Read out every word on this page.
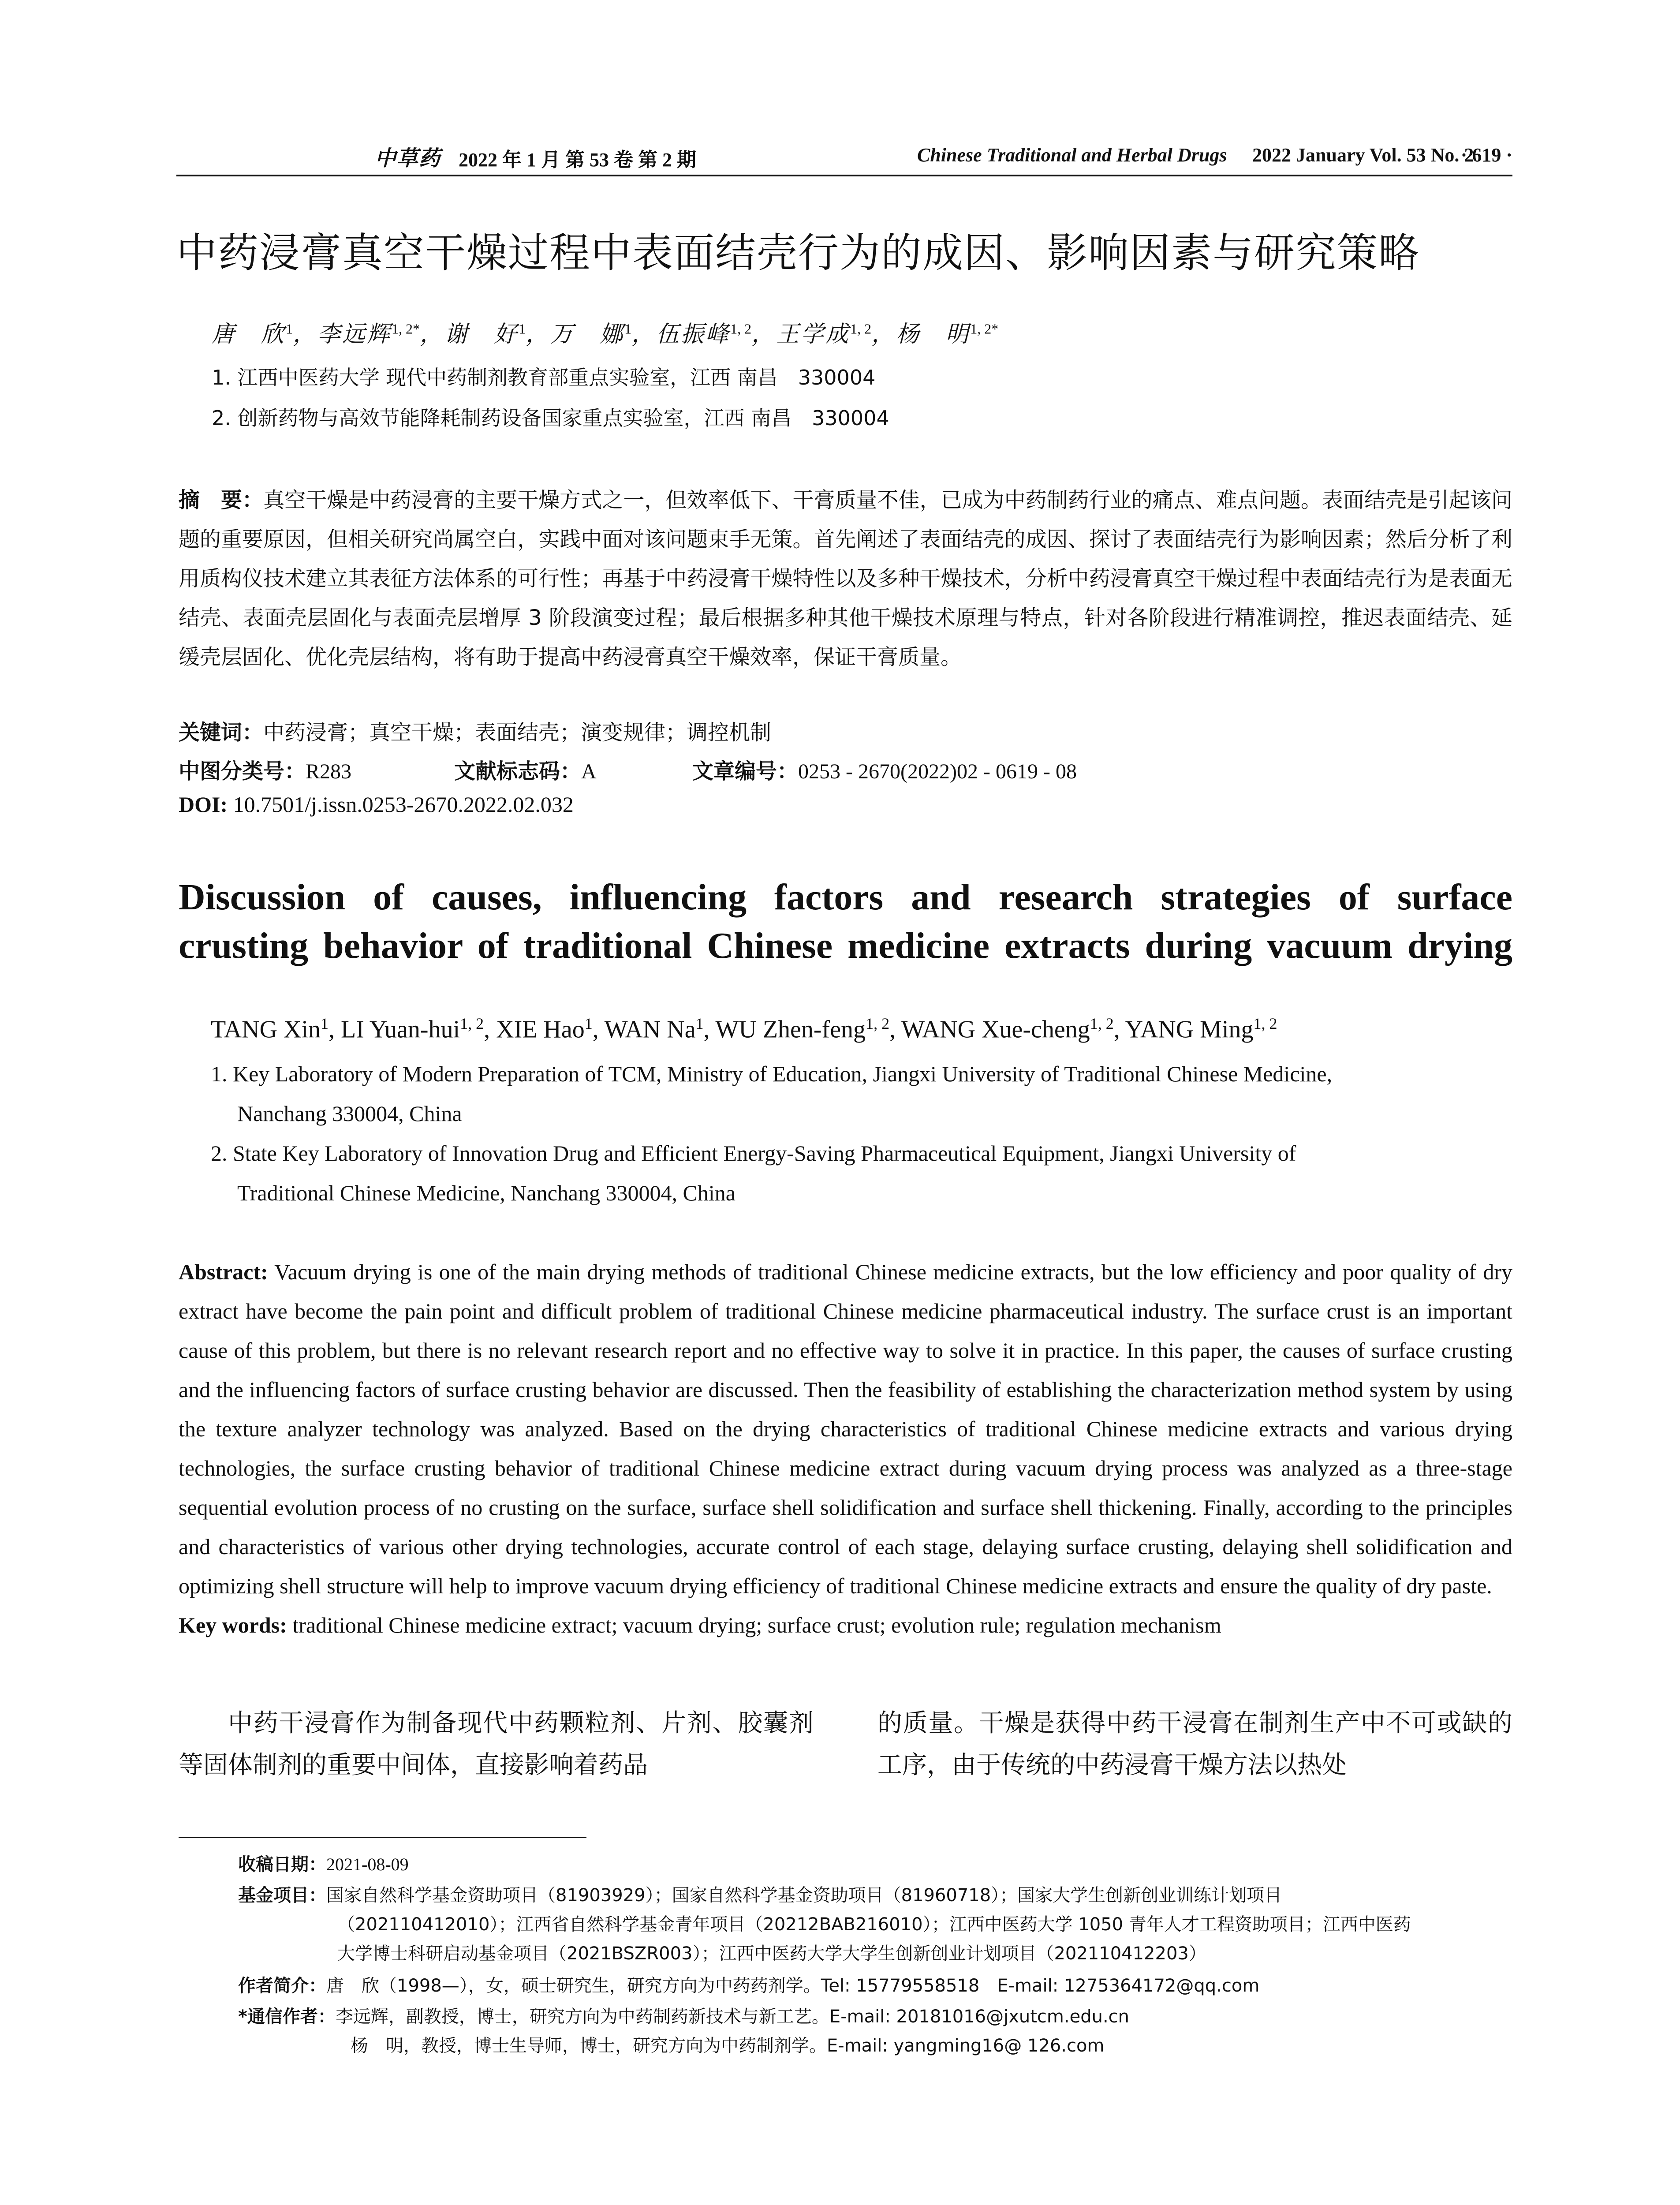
中草药 2022 年 1 月 第 53 卷 第 2 期	Chinese Traditional and Herbal Drugs 2022 January Vol. 53 No. 2
· 619 ·
中药浸膏真空干燥过程中表面结壳行为的成因、影响因素与研究策略
唐　欣$^1$，李远辉$^{1, 2*}$，谢　好$^1$，万　娜$^1$，伍振峰$^{1, 2}$，王学成$^{1, 2}$，杨　明$^{1, 2*}$
1. 江西中医药大学 现代中药制剂教育部重点实验室，江西 南昌　330004
2. 创新药物与高效节能降耗制药设备国家重点实验室，江西 南昌　330004
摘　要：真空干燥是中药浸膏的主要干燥方式之一，但效率低下、干膏质量不佳，已成为中药制药行业的痛点、难点问题。表面结壳是引起该问题的重要原因，但相关研究尚属空白，实践中面对该问题束手无策。首先阐述了表面结壳的成因、探讨了表面结壳行为影响因素；然后分析了利用质构仪技术建立其表征方法体系的可行性；再基于中药浸膏干燥特性以及多种干燥技术，分析中药浸膏真空干燥过程中表面结壳行为是表面无结壳、表面壳层固化与表面壳层增厚 3 阶段演变过程；最后根据多种其他干燥技术原理与特点，针对各阶段进行精准调控，推迟表面结壳、延缓壳层固化、优化壳层结构，将有助于提高中药浸膏真空干燥效率，保证干膏质量。
关键词：中药浸膏；真空干燥；表面结壳；演变规律；调控机制
中图分类号：R283	文献标志码：A	文章编号：0253 - 2670(2022)02 - 0619 - 08
DOI: 10.7501/j.issn.0253-2670.2022.02.032
Discussion of causes, influencing factors and research strategies of surface
crusting behavior of traditional Chinese medicine extracts during vacuum drying
TANG Xin$^1$, LI Yuan-hui$^{1, 2}$, XIE Hao$^1$, WAN Na$^1$, WU Zhen-feng$^{1, 2}$, WANG Xue-cheng$^{1, 2}$, YANG Ming$^{1, 2}$
1. Key Laboratory of Modern Preparation of TCM, Ministry of Education, Jiangxi University of Traditional Chinese Medicine,
Nanchang 330004, China
2. State Key Laboratory of Innovation Drug and Efficient Energy-Saving Pharmaceutical Equipment, Jiangxi University of
Traditional Chinese Medicine, Nanchang 330004, China
Abstract: Vacuum drying is one of the main drying methods of traditional Chinese medicine extracts, but the low efficiency and poor quality of dry extract have become the pain point and difficult problem of traditional Chinese medicine pharmaceutical industry. The surface crust is an important cause of this problem, but there is no relevant research report and no effective way to solve it in practice. In this paper, the causes of surface crusting and the influencing factors of surface crusting behavior are discussed. Then the feasibility of establishing the characterization method system by using the texture analyzer technology was analyzed. Based on the drying characteristics of traditional Chinese medicine extracts and various drying technologies, the surface crusting behavior of traditional Chinese medicine extract during vacuum drying process was analyzed as a three-stage sequential evolution process of no crusting on the surface, surface shell solidification and surface shell thickening. Finally, according to the principles and characteristics of various other drying technologies, accurate control of each stage, delaying surface crusting, delaying shell solidification and optimizing shell structure will help to improve vacuum drying efficiency of traditional Chinese medicine extracts and ensure the quality of dry paste.
Key words: traditional Chinese medicine extract; vacuum drying; surface crust; evolution rule; regulation mechanism
中药干浸膏作为制备现代中药颗粒剂、片剂、胶囊剂等固体制剂的重要中间体，直接影响着药品
的质量。干燥是获得中药干浸膏在制剂生产中不可或缺的工序，由于传统的中药浸膏干燥方法以热处
收稿日期：2021-08-09
基金项目：国家自然科学基金资助项目（81903929）；国家自然科学基金资助项目（81960718）；国家大学生创新创业训练计划项目
（202110412010）；江西省自然科学基金青年项目（20212BAB216010）；江西中医药大学 1050 青年人才工程资助项目；江西中医药
大学博士科研启动基金项目（2021BSZR003）；江西中医药大学大学生创新创业计划项目（202110412203）
作者简介：唐　欣（1998—），女，硕士研究生，研究方向为中药药剂学。Tel: 15779558518　E-mail: 1275364172@qq.com
*通信作者：李远辉，副教授，博士，研究方向为中药制药新技术与新工艺。E-mail: 20181016@jxutcm.edu.cn
杨　明，教授，博士生导师，博士，研究方向为中药制剂学。E-mail: yangming16@ 126.com
